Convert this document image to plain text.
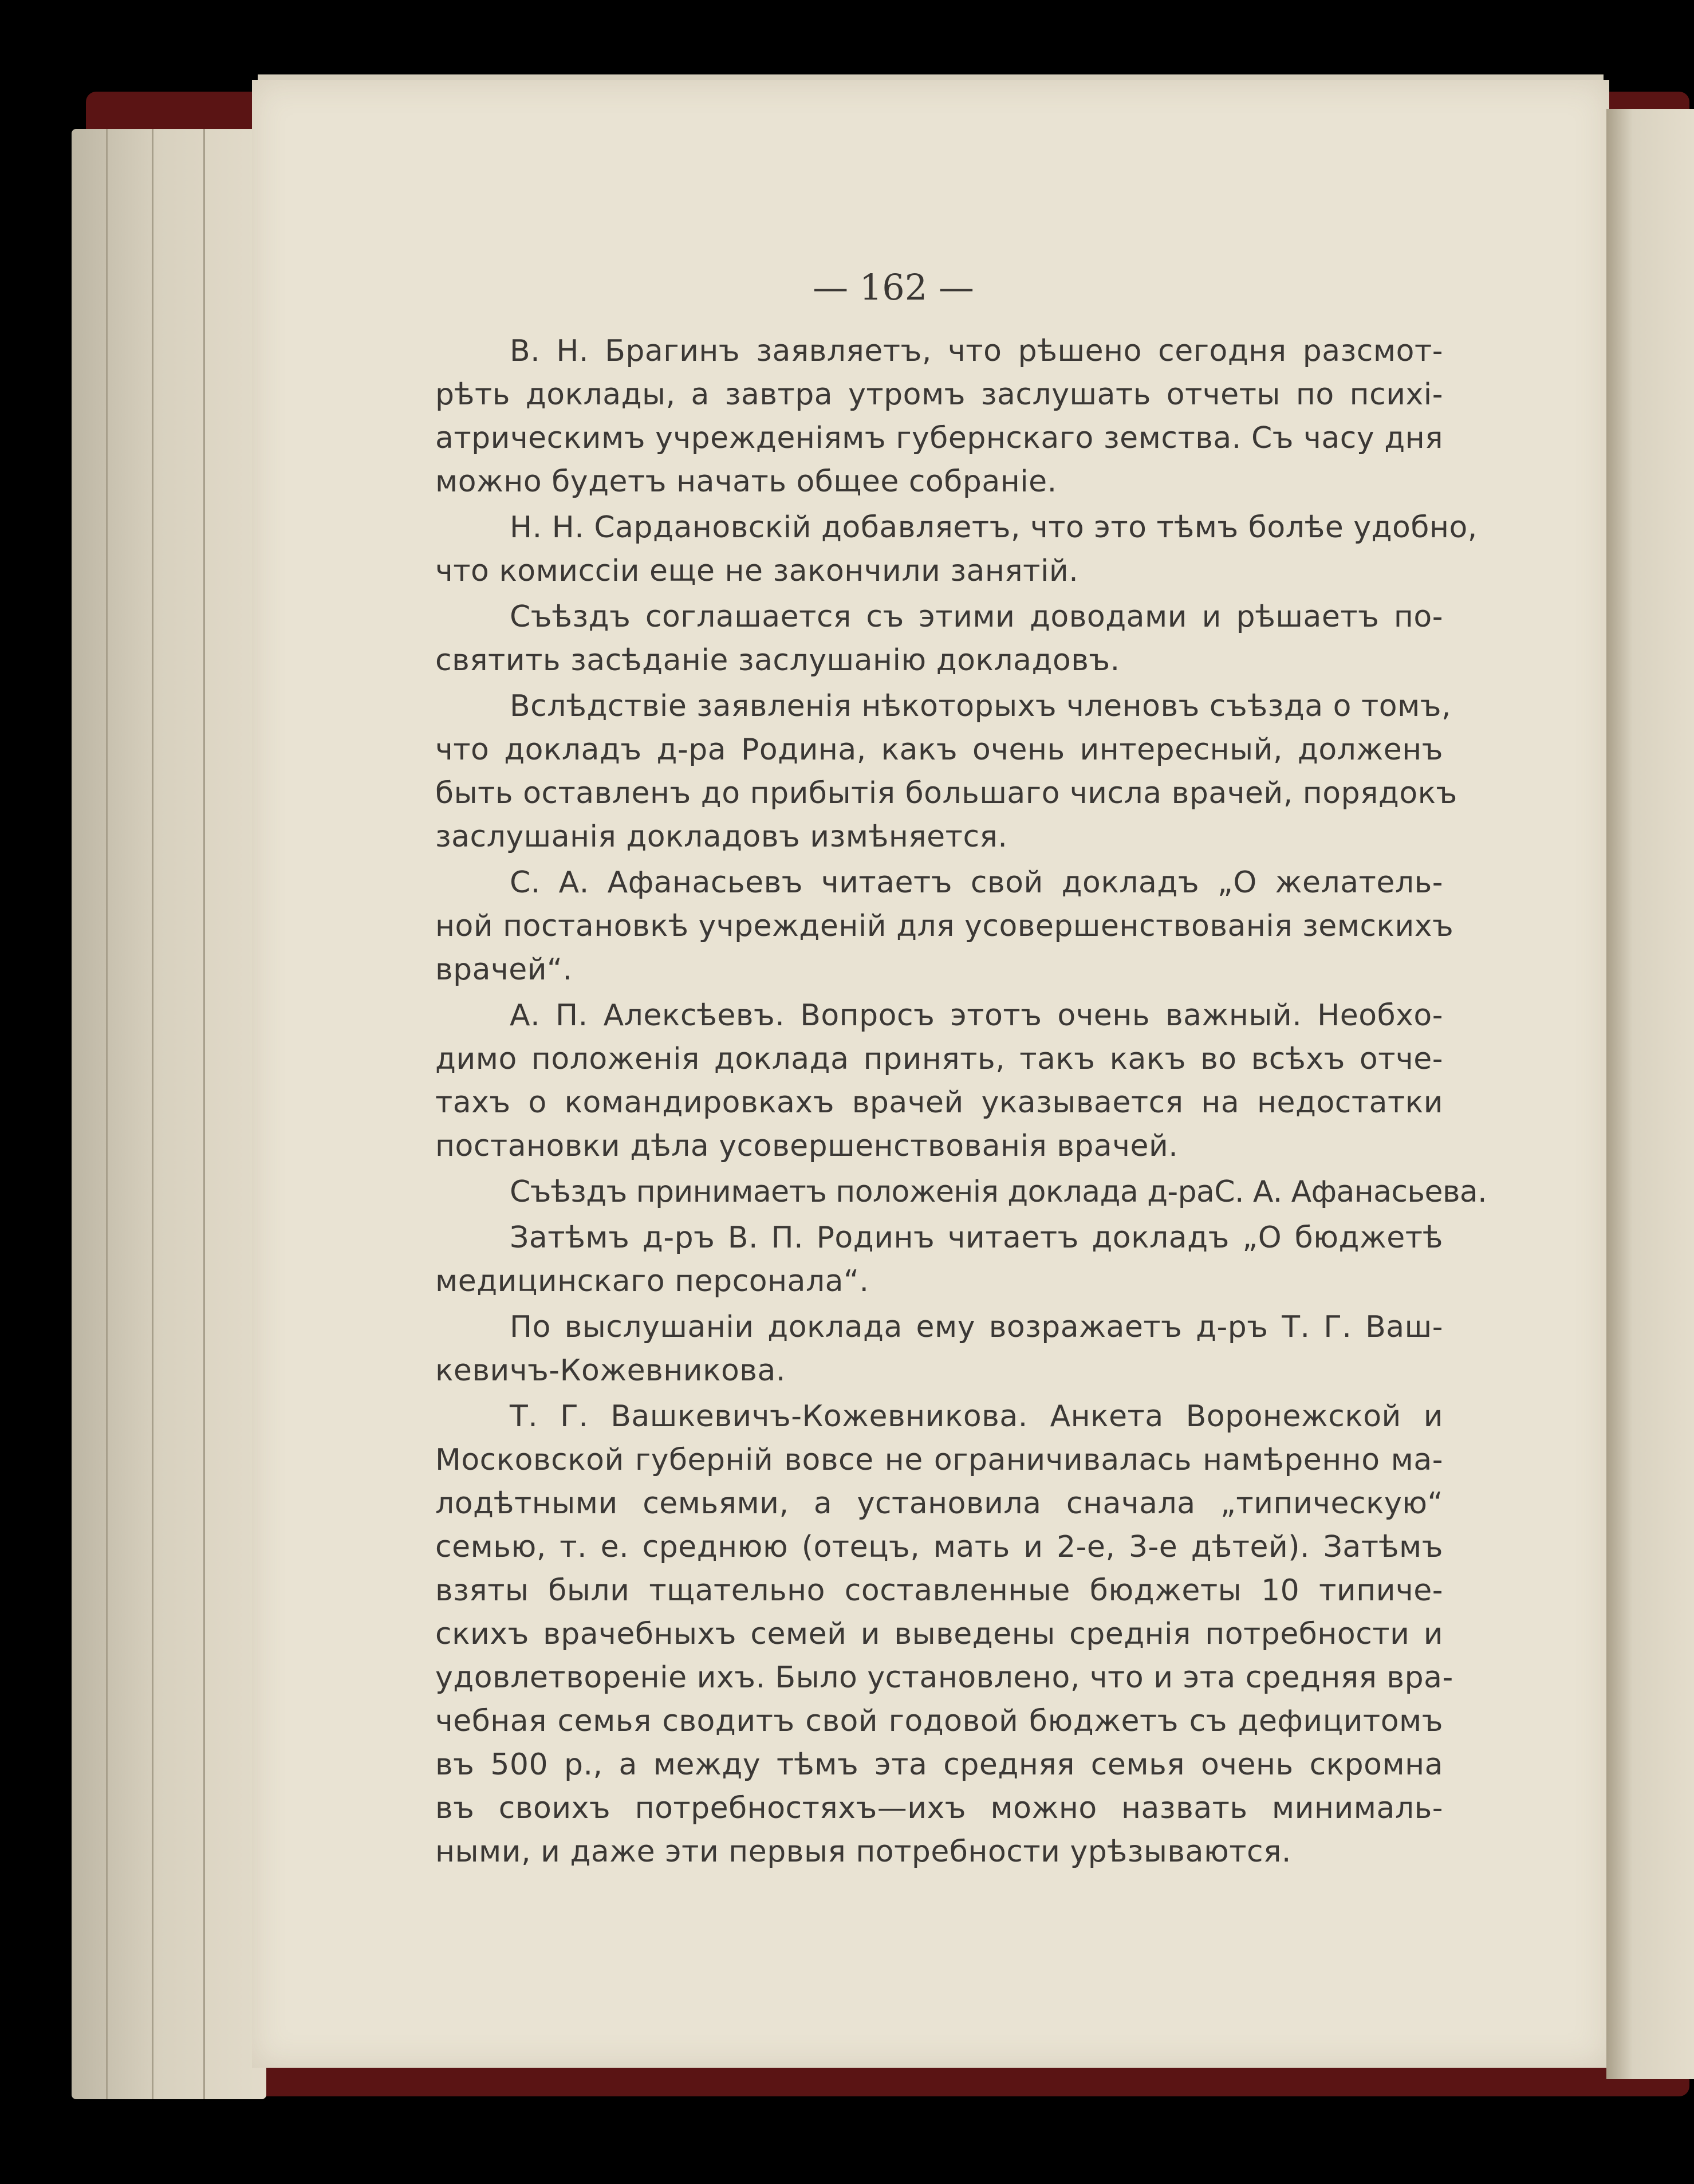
— 162 —
В. Н. Брагинъ заявляетъ, что рѣшено сегодня разсмот-
рѣть доклады, а завтра утромъ заслушать отчеты по психі-
атрическимъ учрежденіямъ губернскаго земства. Съ часу дня
можно будетъ начать общее собраніе.
Н. Н. Сардановскій добавляетъ, что это тѣмъ болѣе удобно,
что комиссіи еще не закончили занятій.
Съѣздъ соглашается съ этими доводами и рѣшаетъ по-
святить засѣданіе заслушанію докладовъ.
Вслѣдствіе заявленія нѣкоторыхъ членовъ съѣзда о томъ,
что докладъ д-ра Родина, какъ очень интересный, долженъ
быть оставленъ до прибытія большаго числа врачей, порядокъ
заслушанія докладовъ измѣняется.
С. А. Афанасьевъ читаетъ свой докладъ „О желатель-
ной постановкѣ учрежденій для усовершенствованія земскихъ
врачей“.
А. П. Алексѣевъ. Вопросъ этотъ очень важный. Необхо-
димо положенія доклада принять, такъ какъ во всѣхъ отче-
тахъ о командировкахъ врачей указывается на недостатки
постановки дѣла усовершенствованія врачей.
Съѣздъ принимаетъ положенія доклада д-раС. А. Афанасьева.
Затѣмъ д-ръ В. П. Родинъ читаетъ докладъ „О бюджетѣ
медицинскаго персонала“.
По выслушаніи доклада ему возражаетъ д-ръ Т. Г. Ваш-
кевичъ-Кожевникова.
Т. Г. Вашкевичъ-Кожевникова. Анкета Воронежской и
Московской губерній вовсе не ограничивалась намѣренно ма-
лодѣтными семьями, а установила сначала „типическую“
семью, т. е. среднюю (отецъ, мать и 2-е, 3-е дѣтей). Затѣмъ
взяты были тщательно составленные бюджеты 10 типиче-
скихъ врачебныхъ семей и выведены среднія потребности и
удовлетвореніе ихъ. Было установлено, что и эта средняя вра-
чебная семья сводитъ свой годовой бюджетъ съ дефицитомъ
въ 500 р., а между тѣмъ эта средняя семья очень скромна
въ своихъ потребностяхъ—ихъ можно назвать минималь-
ными, и даже эти первыя потребности урѣзываются.
